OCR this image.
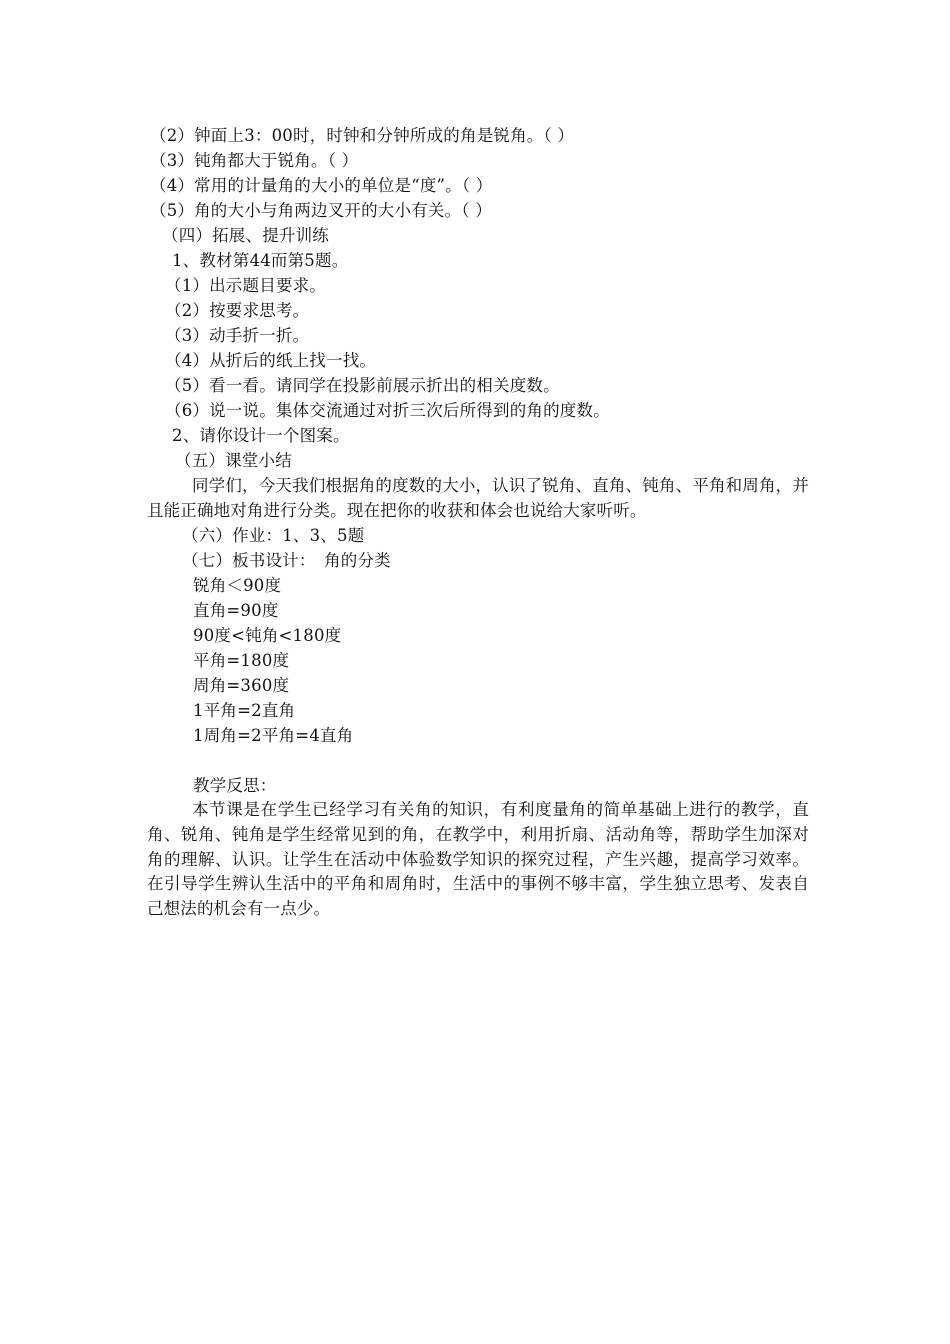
（2）钟面上3：00时，时钟和分钟所成的角是锐角。（ ）
（3）钝角都大于锐角。（ ）
（4）常用的计量角的大小的单位是“度”。（ ）
（5）角的大小与角两边叉开的大小有关。（ ）
（四）拓展、提升训练
1、教材第44而第5题。
（1）出示题目要求。
（2）按要求思考。
（3）动手折一折。
（4）从折后的纸上找一找。
（5）看一看。请同学在投影前展示折出的相关度数。
（6）说一说。集体交流通过对折三次后所得到的角的度数。
2、请你设计一个图案。
（五）课堂小结
同学们，今天我们根据角的度数的大小，认识了锐角、直角、钝角、平角和周角，并且能正确地对角进行分类。现在把你的收获和体会也说给大家听听。
（六）作业：1、3、5题
（七）板书设计：　角的分类
锐角＜90度
直角=90度
90度<钝角<180度
平角=180度
周角=360度
1平角=2直角
1周角=2平角=4直角
教学反思：
本节课是在学生已经学习有关角的知识，有利度量角的简单基础上进行的教学，直角、锐角、钝角是学生经常见到的角，在教学中，利用折扇、活动角等，帮助学生加深对角的理解、认识。让学生在活动中体验数学知识的探究过程，产生兴趣，提高学习效率。在引导学生辨认生活中的平角和周角时，生活中的事例不够丰富，学生独立思考、发表自己想法的机会有一点少。
